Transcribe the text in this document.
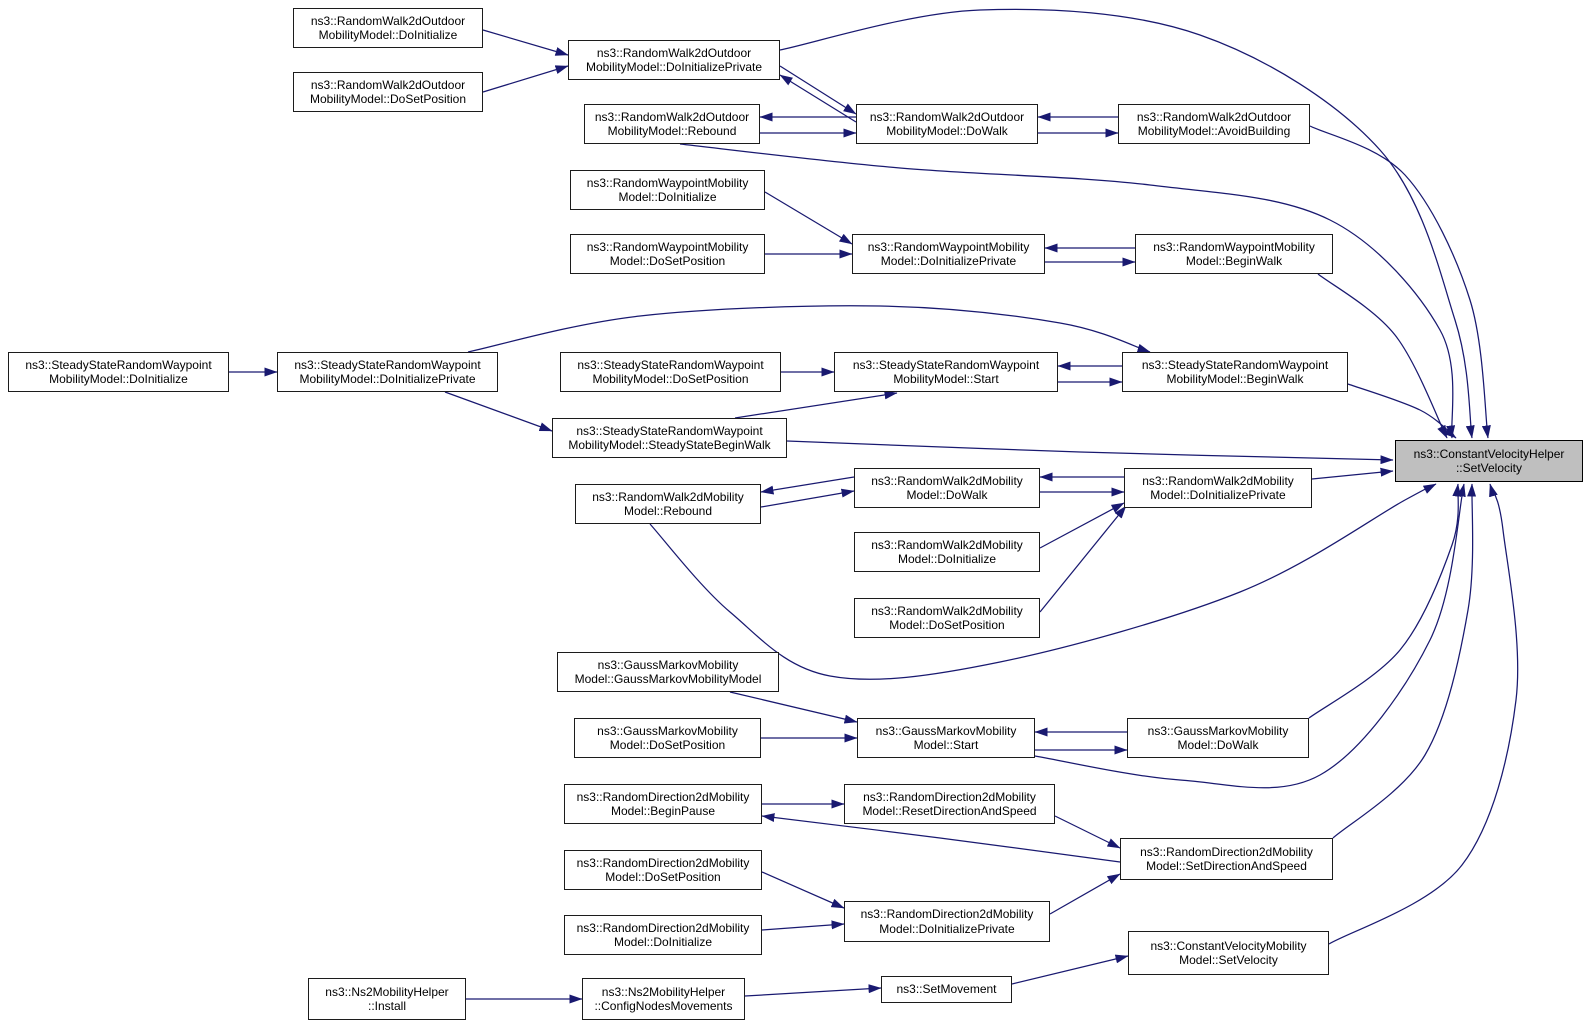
ns3::RandomWalk2dOutdoor
MobilityModel::DoInitialize
ns3::RandomWalk2dOutdoor
MobilityModel::DoSetPosition
ns3::RandomWalk2dOutdoor
MobilityModel::DoInitializePrivate
ns3::RandomWalk2dOutdoor
MobilityModel::Rebound
ns3::RandomWalk2dOutdoor
MobilityModel::DoWalk
ns3::RandomWalk2dOutdoor
MobilityModel::AvoidBuilding
ns3::RandomWaypointMobility
Model::DoInitialize
ns3::RandomWaypointMobility
Model::DoSetPosition
ns3::RandomWaypointMobility
Model::DoInitializePrivate
ns3::RandomWaypointMobility
Model::BeginWalk
ns3::SteadyStateRandomWaypoint
MobilityModel::DoInitialize
ns3::SteadyStateRandomWaypoint
MobilityModel::DoInitializePrivate
ns3::SteadyStateRandomWaypoint
MobilityModel::DoSetPosition
ns3::SteadyStateRandomWaypoint
MobilityModel::Start
ns3::SteadyStateRandomWaypoint
MobilityModel::BeginWalk
ns3::SteadyStateRandomWaypoint
MobilityModel::SteadyStateBeginWalk
ns3::ConstantVelocityHelper
::SetVelocity
ns3::RandomWalk2dMobility
Model::Rebound
ns3::RandomWalk2dMobility
Model::DoWalk
ns3::RandomWalk2dMobility
Model::DoInitializePrivate
ns3::RandomWalk2dMobility
Model::DoInitialize
ns3::RandomWalk2dMobility
Model::DoSetPosition
ns3::GaussMarkovMobility
Model::GaussMarkovMobilityModel
ns3::GaussMarkovMobility
Model::DoSetPosition
ns3::GaussMarkovMobility
Model::Start
ns3::GaussMarkovMobility
Model::DoWalk
ns3::RandomDirection2dMobility
Model::BeginPause
ns3::RandomDirection2dMobility
Model::ResetDirectionAndSpeed
ns3::RandomDirection2dMobility
Model::DoSetPosition
ns3::RandomDirection2dMobility
Model::SetDirectionAndSpeed
ns3::RandomDirection2dMobility
Model::DoInitialize
ns3::RandomDirection2dMobility
Model::DoInitializePrivate
ns3::ConstantVelocityMobility
Model::SetVelocity
ns3::Ns2MobilityHelper
::Install
ns3::Ns2MobilityHelper
::ConfigNodesMovements
ns3::SetMovement
